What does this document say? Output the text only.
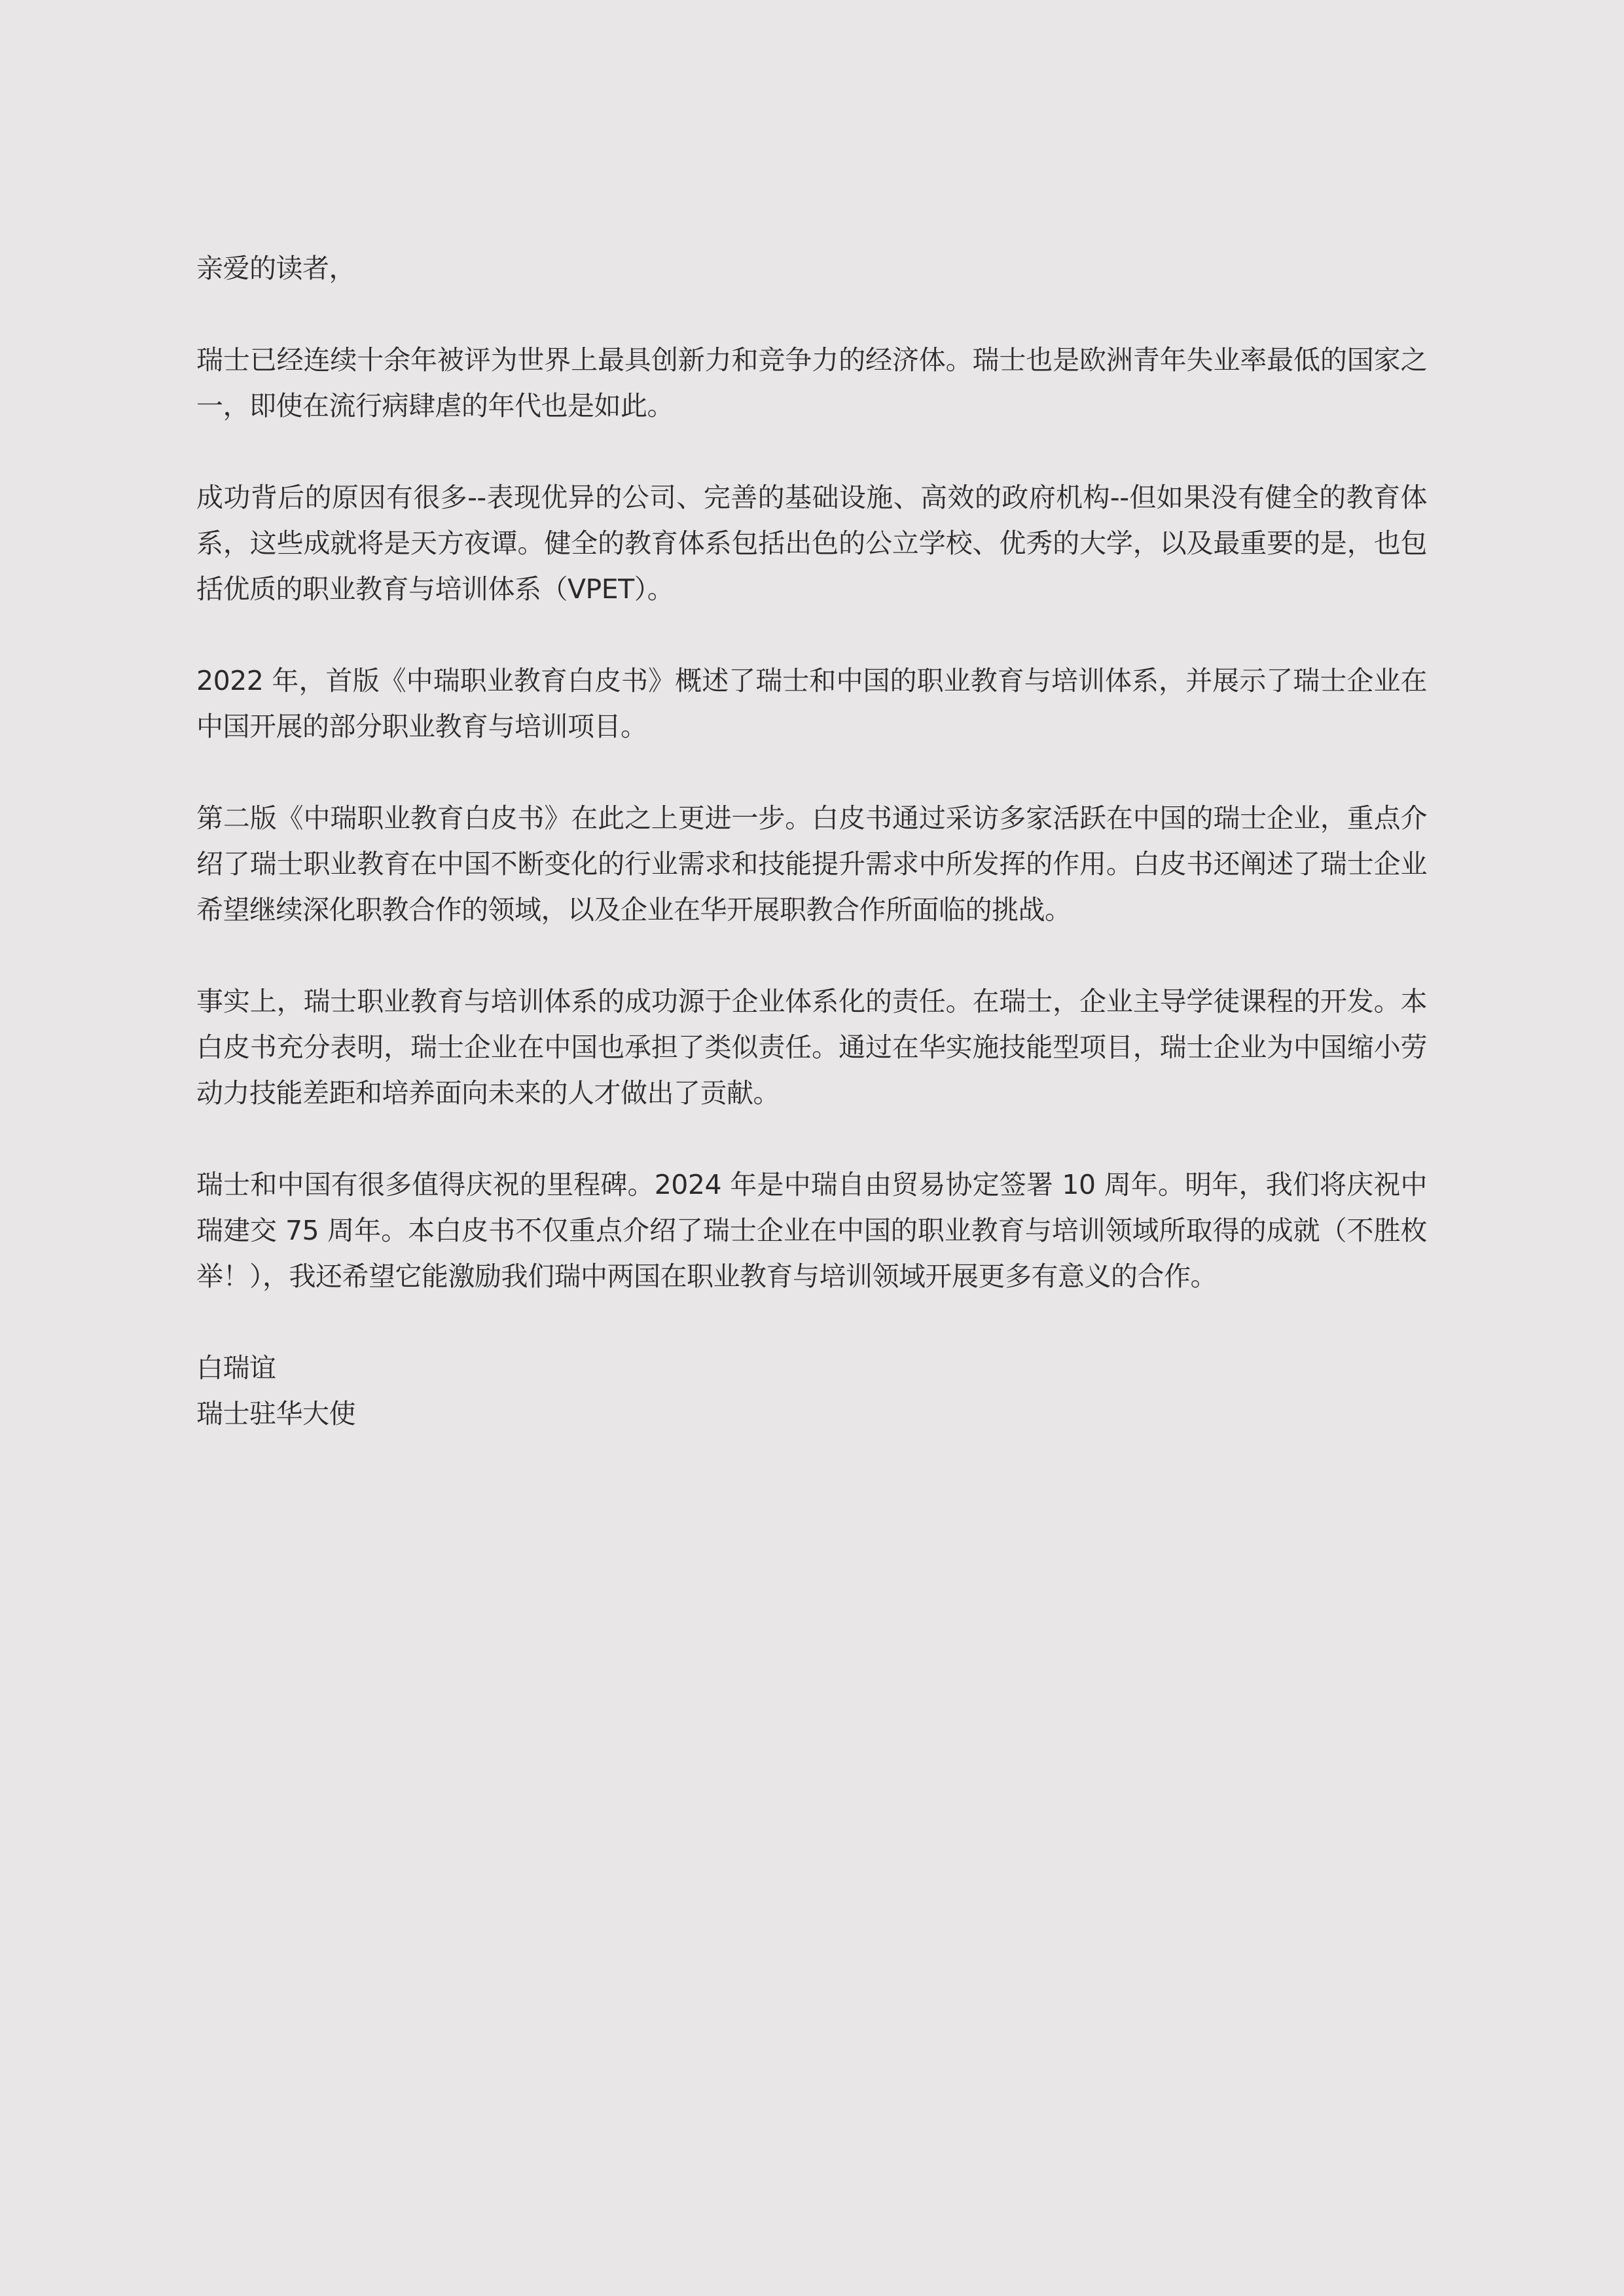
亲爱的读者，

瑞士已经连续十余年被评为世界上最具创新力和竞争力的经济体。瑞士也是欧洲青年失业率最低的国家之一，即使在流行病肆虐的年代也是如此。

成功背后的原因有很多--表现优异的公司、完善的基础设施、高效的政府机构--但如果没有健全的教育体系，这些成就将是天方夜谭。健全的教育体系包括出色的公立学校、优秀的大学，以及最重要的是，也包括优质的职业教育与培训体系（VPET）。

2022 年，首版《中瑞职业教育白皮书》概述了瑞士和中国的职业教育与培训体系，并展示了瑞士企业在中国开展的部分职业教育与培训项目。

第二版《中瑞职业教育白皮书》在此之上更进一步。白皮书通过采访多家活跃在中国的瑞士企业，重点介绍了瑞士职业教育在中国不断变化的行业需求和技能提升需求中所发挥的作用。白皮书还阐述了瑞士企业希望继续深化职教合作的领域，以及企业在华开展职教合作所面临的挑战。

事实上，瑞士职业教育与培训体系的成功源于企业体系化的责任。在瑞士，企业主导学徒课程的开发。本白皮书充分表明，瑞士企业在中国也承担了类似责任。通过在华实施技能型项目，瑞士企业为中国缩小劳动力技能差距和培养面向未来的人才做出了贡献。

瑞士和中国有很多值得庆祝的里程碑。2024 年是中瑞自由贸易协定签署 10 周年。明年，我们将庆祝中瑞建交 75 周年。本白皮书不仅重点介绍了瑞士企业在中国的职业教育与培训领域所取得的成就（不胜枚举！），我还希望它能激励我们瑞中两国在职业教育与培训领域开展更多有意义的合作。

白瑞谊
瑞士驻华大使
